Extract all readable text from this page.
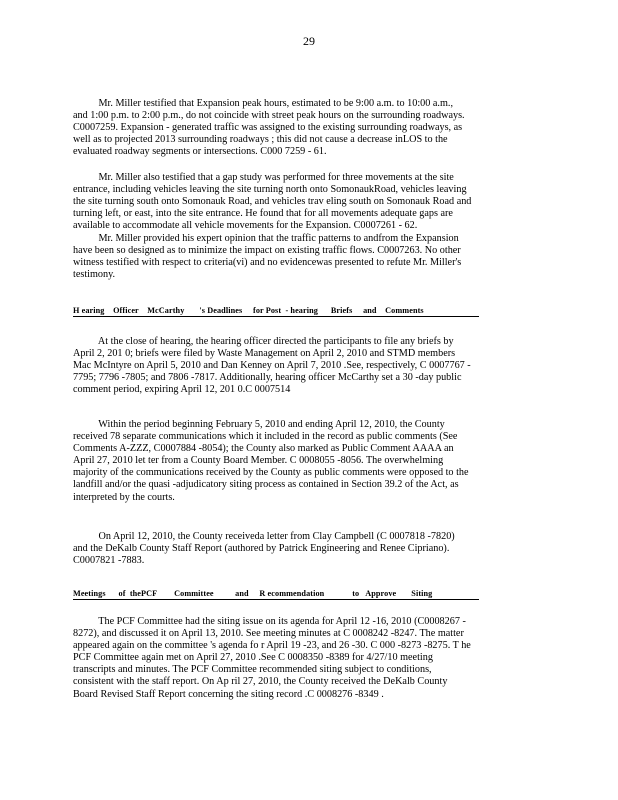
29
Mr. Miller testified that Expansion peak hours, estimated to be 9:00 a.m. to 10:00 a.m.,
and 1:00 p.m. to 2:00 p.m., do not coincide with street peak hours on the surrounding roadways.
C0007259. Expansion - generated traffic was assigned to the existing surrounding roadways, as
well as to projected 2013 surrounding roadways ; this did not cause a decrease inLOS to the
evaluated roadway segments or intersections. C000 7259 - 61.
Mr. Miller also testified that a gap study was performed for three movements at the site
entrance, including vehicles leaving the site turning north onto SomonaukRoad, vehicles leaving
the site turning south onto Somonauk Road, and vehicles trav eling south on Somonauk Road and
turning left, or east, into the site entrance. He found that for all movements adequate gaps are
available to accommodate all vehicle movements for the Expansion. C0007261 - 62.
Mr. Miller provided his expert opinion that the traffic patterns to andfrom the Expansion
have been so designed as to minimize the impact on existing traffic flows. C0007263. No other
witness testified with respect to criteria(vi) and no evidencewas presented to refute Mr. Miller's
testimony.
H earing    Officer    McCarthy       's Deadlines     for Post  - hearing      Briefs     and    Comments
At the close of hearing, the hearing officer directed the participants to file any briefs by
April 2, 201 0; briefs were filed by Waste Management on April 2, 2010 and STMD members
Mac McIntyre on April 5, 2010 and Dan Kenney on April 7, 2010 .See, respectively, C 0007767 -
7795; 7796 -7805; and 7806 -7817. Additionally, hearing officer McCarthy set a 30 -day public
comment period, expiring April 12, 201 0.C 0007514
Within the period beginning February 5, 2010 and ending April 12, 2010, the County
received 78 separate communications which it included in the record as public comments (See
Comments A-ZZZ, C0007884 -8054); the County also marked as Public Comment AAAA an
April 27, 2010 let ter from a County Board Member. C 0008055 -8056. The overwhelming
majority of the communications received by the County as public comments were opposed to the
landfill and/or the quasi -adjudicatory siting process as contained in Section 39.2 of the Act, as
interpreted by the courts.
On April 12, 2010, the County receiveda letter from Clay Campbell (C 0007818 -7820)
and the DeKalb County Staff Report (authored by Patrick Engineering and Renee Cipriano).
C0007821 -7883.
Meetings      of  thePCF        Committee          and     R ecommendation             to   Approve       Siting
The PCF Committee had the siting issue on its agenda for April 12 -16, 2010 (C0008267 -
8272), and discussed it on April 13, 2010. See meeting minutes at C 0008242 -8247. The matter
appeared again on the committee 's agenda fo r April 19 -23, and 26 -30. C 000 -8273 -8275. T he
PCF Committee again met on April 27, 2010 .See C 0008350 -8389 for 4/27/10 meeting
transcripts and minutes. The PCF Committee recommended siting subject to conditions,
consistent with the staff report. On Ap ril 27, 2010, the County received the DeKalb County
Board Revised Staff Report concerning the siting record .C 0008276 -8349 .
